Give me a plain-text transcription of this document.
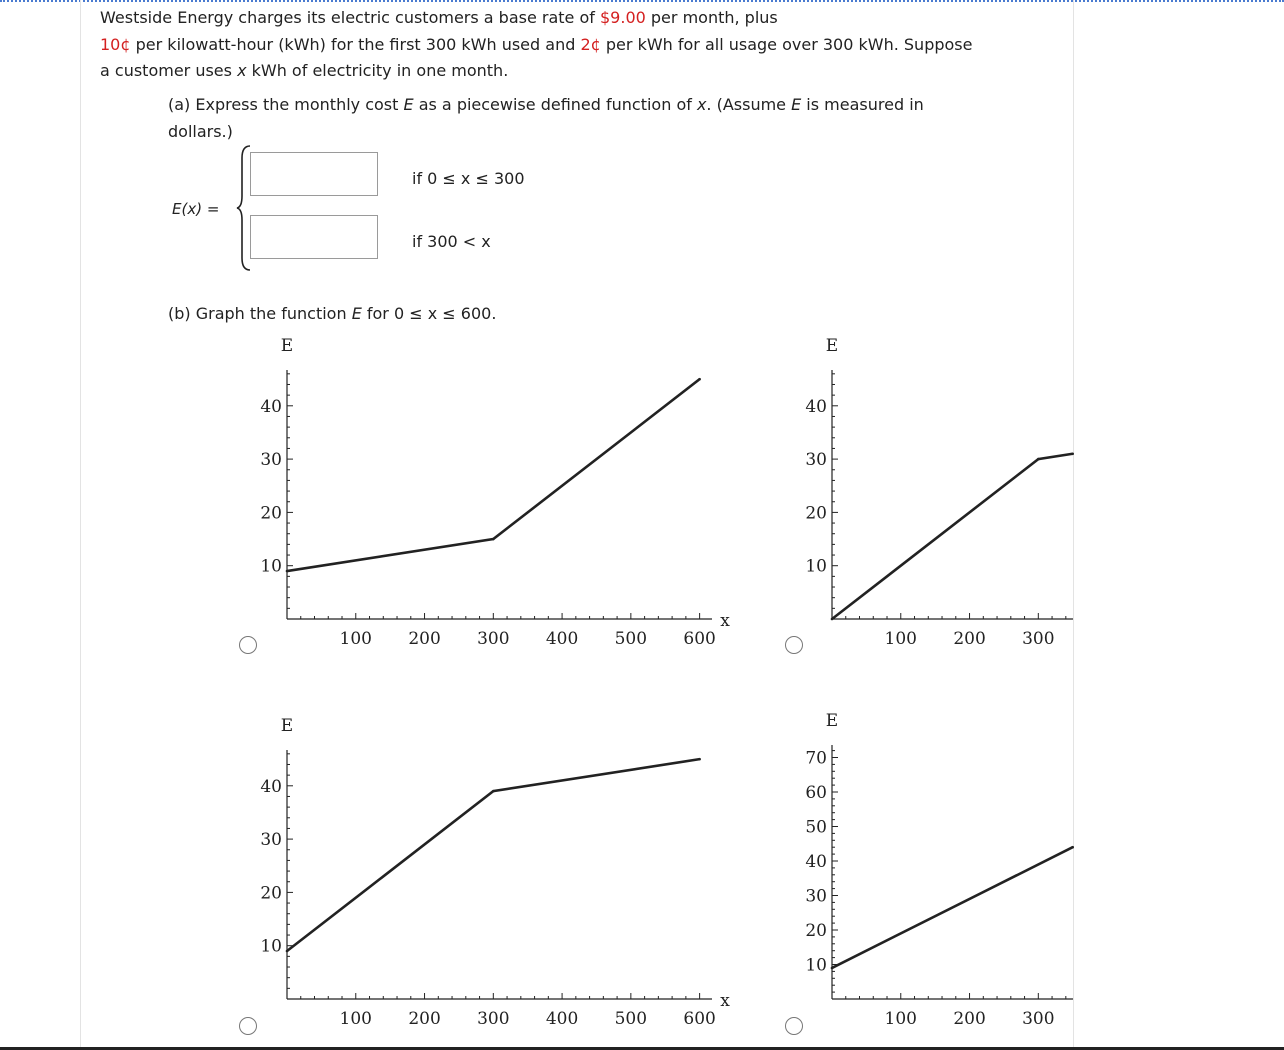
Westside Energy charges its electric customers a base rate of $9.00 per month, plus
10¢ per kilowatt-hour (kWh) for the first 300 kWh used and 2¢ per kWh for all usage over 300 kWh. Suppose
a customer uses x kWh of electricity in one month.
(a) Express the monthly cost E as a piecewise defined function of x. (Assume E is measured in
dollars.)
E(x) =
if 0 ≤ x ≤ 300
if 300 < x
(b) Graph the function E for 0 ≤ x ≤ 600.
100 200 300 400 500 600
10
20
30
40
E
x
100 200 300
10
20
30
40
E
100 200 300 400 500 600
10
20
30
40
E
x
100 200 300
10
20
30
40
50
60
70
E
